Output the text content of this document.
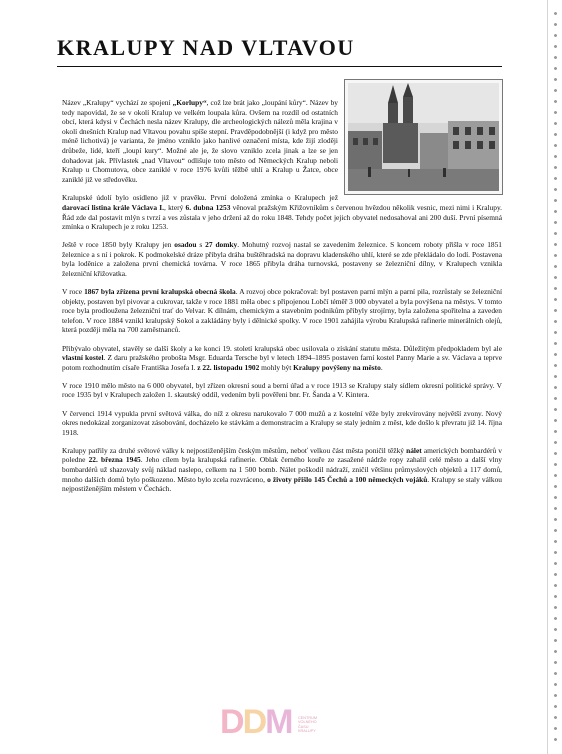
KRALUPY NAD VLTAVOU

Název „Kralupy“ vychází ze spojení „Korlupy“, což lze brát jako „loupání kůry“. Název by tedy napovídal, že se v okolí Kralup ve velkém loupala kůra. Ovšem na rozdíl od ostatních obcí, která kdysi v Čechách nesla název Kralupy, dle archeologických nálezů měla krajina v okolí dnešních Kralup nad Vltavou povahu spíše stepní. Pravděpodobnější (i když pro město méně lichotivá) je varianta, že jméno vzniklo jako hanlivé označení místa, kde žijí zloději drůbeže, lidé, kteří „loupí kury“. Možné ale je, že slovo vzniklo zcela jinak a lze se jen dohadovat jak. Přívlastek „nad Vltavou“ odlišuje toto město od Německých Kralup neboli Kralup u Chomutova, obce zaniklé v roce 1976 kvůli těžbě uhlí a Kralup u Žatce, obce zaniklé již ve středověku.

Kralupské údolí bylo osídleno již v pravěku. První doložená zmínka o Kralupech jež darovací listina krále Václava I., který 6. dubna 1253 věnoval pražským Křižovníkům s červenou hvězdou několik vesnic, mezi nimi i Kralupy. Řád zde dal postavit mlýn s tvrzí a ves zůstala v jeho držení až do roku 1848. Tehdy počet jejich obyvatel nedosahoval ani 200 duší. První písemná zmínka o Kralupech je z roku 1253.

Ještě v roce 1850 byly Kralupy jen osadou s 27 domky. Mohutný rozvoj nastal se zavedením železnice. S koncem roboty přišla v roce 1851 železnice a s ní i pokrok. K podmokelské dráze přibyla dráha buštěhradská na dopravu kladenského uhlí, které se zde překládalo do lodí. Postavena byla loděnice a založena první chemická továrna. V roce 1865 přibyla dráha turnovská, postaveny se železniční dílny, v Kralupech vznikla železniční křižovatka.

V roce 1867 byla zřízena první kralupská obecná škola. A rozvoj obce pokračoval: byl postaven parní mlýn a parní pila, rozrůstaly se železniční objekty, postaven byl pivovar a cukrovar, takže v roce 1881 měla obec s připojenou Lobčí téměř 3 000 obyvatel a byla povýšena na městys. V tomto roce byla prodloužena železniční trať do Velvar. K dílnám, chemickým a stavebním podnikům přibyly strojírny, byla založena spořitelna a zaveden telefon. V roce 1884 vznikl kralupský Sokol a zakládány byly i dělnické spolky. V roce 1901 zahájila výrobu Kralupská rafinerie minerálních olejů, která později měla na 700 zaměstnanců.

Přibývalo obyvatel, stavěly se další školy a ke konci 19. století kralupská obec usilovala o získání statutu města. Důležitým předpokladem byl ale vlastní kostel. Z daru pražského probošta Msgr. Eduarda Tersche byl v letech 1894–1895 postaven farní kostel Panny Marie a sv. Václava a teprve potom rozhodnutím císaře Františka Josefa I. z 22. listopadu 1902 mohly být Kralupy povýšeny na město.

V roce 1910 mělo město na 6 000 obyvatel, byl zřízen okresní soud a berní úřad a v roce 1913 se Kralupy staly sídlem okresní politické správy. V roce 1935 byl v Kralupech založen 1. skautský oddíl, vedením byli pověřeni bnr. Fr. Šanda a V. Kintera.

V červenci 1914 vypukla první světová válka, do níž z okresu narukovalo 7 000 mužů a z kostelní věže byly zrekvírovány největší zvony. Nový okres nedokázal zorganizovat zásobování, docházelo ke stávkám a demonstracím a Kralupy se staly jedním z měst, kde došlo k převratu již 14. října 1918.

Kralupy patřily za druhé světové války k nejpostiženějším českým městům, neboť velkou část města poničil těžký nálet amerických bombardérů v poledne 22. března 1945. Jeho cílem byla kralupská rafinerie. Oblak černého kouře ze zasažené nádrže ropy zahalil celé město a další vlny bombardérů už shazovaly svůj náklad naslepo, celkem na 1 500 bomb. Nálet poškodil nádraží, zničil většinu průmyslových objektů a 117 domů, mnoho dalších domů bylo poškozeno. Město bylo zcela rozvráceno, o životy přišlo 145 Čechů a 100 německých vojáků. Kralupy se staly válkou nejpostiženějším městem v Čechách.

DDM CENTRUM
VOLNÉHO
ČASU
KRALUPY
